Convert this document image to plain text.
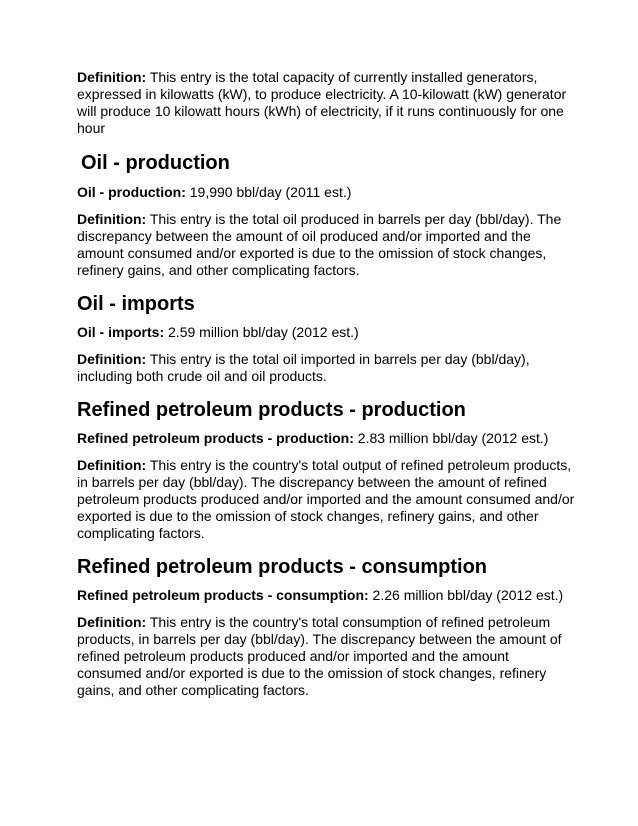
Definition: This entry is the total capacity of currently installed generators, expressed in kilowatts (kW), to produce electricity. A 10-kilowatt (kW) generator will produce 10 kilowatt hours (kWh) of electricity, if it runs continuously for one hour

Oil - production

Oil - production: 19,990 bbl/day (2011 est.)

Definition: This entry is the total oil produced in barrels per day (bbl/day). The discrepancy between the amount of oil produced and/or imported and the amount consumed and/or exported is due to the omission of stock changes, refinery gains, and other complicating factors.

Oil - imports

Oil - imports: 2.59 million bbl/day (2012 est.)

Definition: This entry is the total oil imported in barrels per day (bbl/day), including both crude oil and oil products.

Refined petroleum products - production

Refined petroleum products - production: 2.83 million bbl/day (2012 est.)

Definition: This entry is the country's total output of refined petroleum products, in barrels per day (bbl/day). The discrepancy between the amount of refined petroleum products produced and/or imported and the amount consumed and/or exported is due to the omission of stock changes, refinery gains, and other complicating factors.

Refined petroleum products - consumption

Refined petroleum products - consumption: 2.26 million bbl/day (2012 est.)

Definition: This entry is the country's total consumption of refined petroleum products, in barrels per day (bbl/day). The discrepancy between the amount of refined petroleum products produced and/or imported and the amount consumed and/or exported is due to the omission of stock changes, refinery gains, and other complicating factors.
